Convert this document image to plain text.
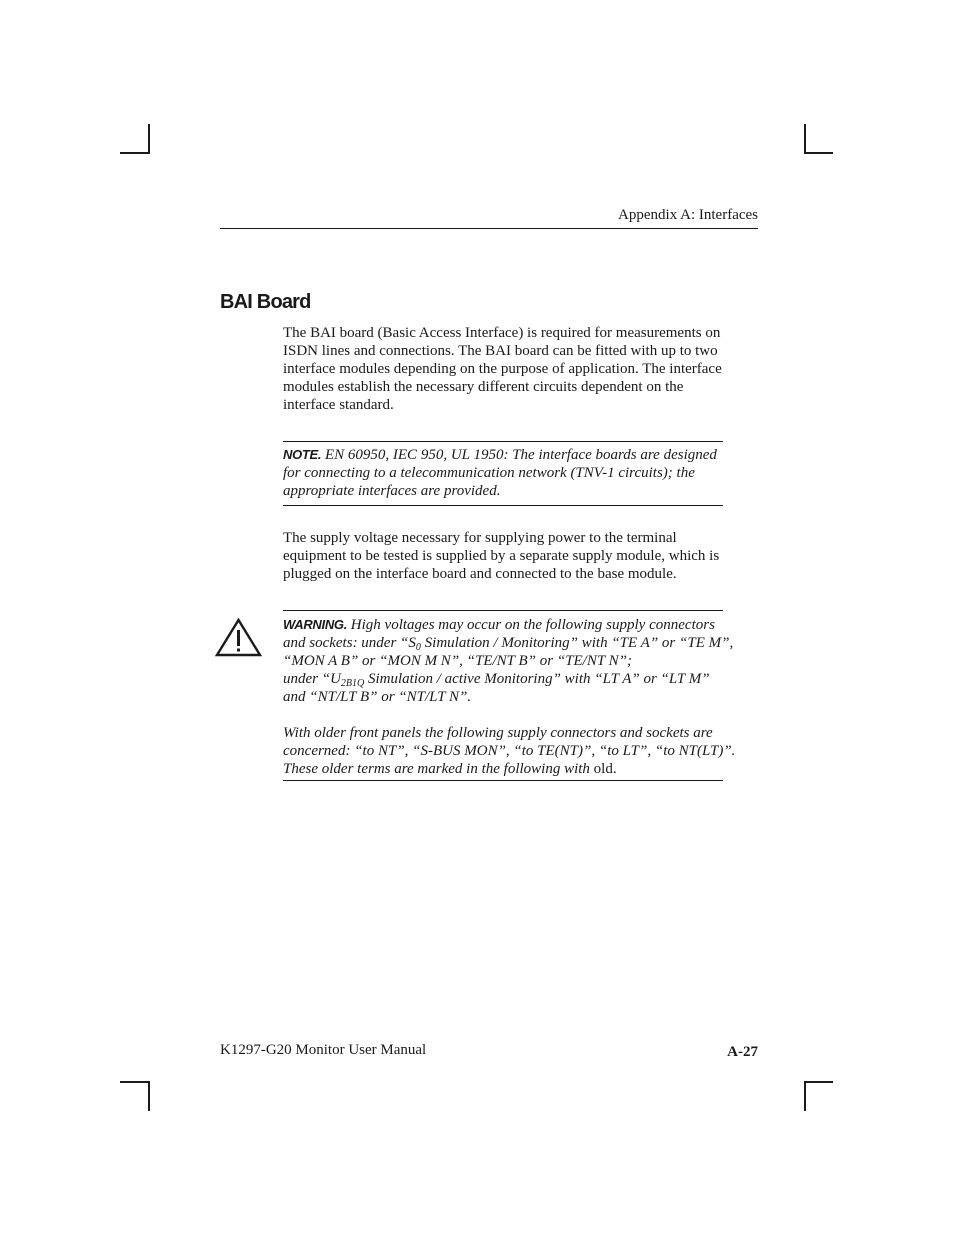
Appendix A: Interfaces
BAI Board

The BAI board (Basic Access Interface) is required for measurements on
ISDN lines and connections. The BAI board can be fitted with up to two
interface modules depending on the purpose of application. The interface
modules establish the necessary different circuits dependent on the
interface standard.

NOTE. EN 60950, IEC 950, UL 1950: The interface boards are designed
for connecting to a telecommunication network (TNV-1 circuits); the
appropriate interfaces are provided.

The supply voltage necessary for supplying power to the terminal
equipment to be tested is supplied by a separate supply module, which is
plugged on the interface board and connected to the base module.

WARNING. High voltages may occur on the following supply connectors
and sockets: under “$S_0$ Simulation / Monitoring” with “TE A” or “TE M”,
“MON A B” or “MON M N”, “TE/NT B” or “TE/NT N”;
under “$U_{2B1Q}$ Simulation / active Monitoring” with “LT A” or “LT M”
and “NT/LT B” or “NT/LT N”.

With older front panels the following supply connectors and sockets are
concerned: “to NT”, “S-BUS MON”, “to TE(NT)”, “to LT”, “to NT(LT)”.
These older terms are marked in the following with old.
K1297-G20 Monitor User Manual	A-27
